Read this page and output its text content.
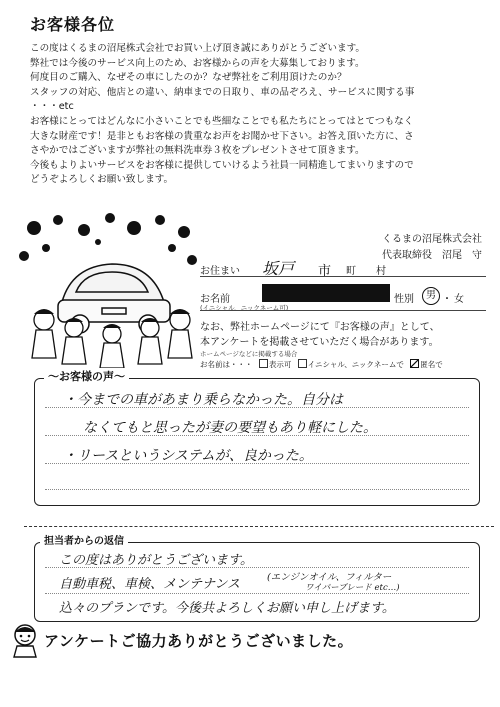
お客様各位
この度はくるまの沼尾株式会社でお買い上げ頂き誠にありがとうございます。
弊社では今後のサービス向上のため、お客様からの声を大募集しております。
何度目のご購入、なぜその車にしたのか？なぜ弊社をご利用頂けたのか？
スタッフの対応、他店との違い、納車までの日取り、車の品ぞろえ、サービスに関する事
・・・etc
お客様にとってはどんなに小さいことでも些細なことでも私たちにとってはとてつもなく
大きな財産です！是非ともお客様の貴重なお声をお聞かせ下さい。お答え頂いた方に、さ
さやかではございますが弊社の無料洗車券３枚をプレゼントさせて頂きます。
今後もよりよいサービスをお客様に提供していけるよう社員一同精進してまいりますので
どうぞよろしくお願い致します。
くるまの沼尾株式会社
代表取締役　沼尾　守
お住まい 坂戸 市 町 村
お名前	性別	男 ・ 女
(イニシャル、ニックネーム可)
なお、弊社ホームページにて『お客様の声』として、
本アンケートを掲載させていただく場合があります。
ホームページなどに掲載する場合
お名前は・・・ 表示可 イニシャル、ニックネームで 匿名で
・今までの車があまり乗らなかった。自分は
なくてもと思ったが妻の要望もあり軽にした。
・リースというシステムが、良かった。
～お客様の声～
この度はありがとうございます。
自動車税、車検、メンテナンス	(エンジンオイル、フィルター
ワイパーブレード etc…)
込々のプランです。今後共よろしくお願い申し上げます。
担当者からの返信
アンケートご協力ありがとうございました。
